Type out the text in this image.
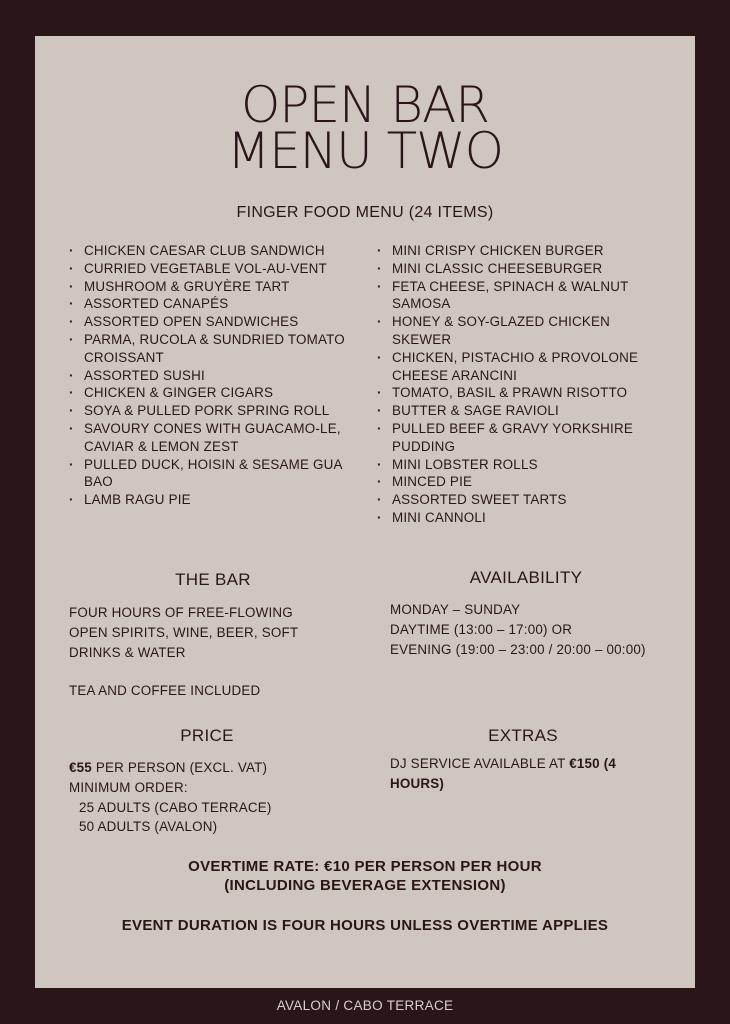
OPEN BAR
MENU TWO
FINGER FOOD MENU (24 ITEMS)
· CHICKEN CAESAR CLUB SANDWICH
· CURRIED VEGETABLE VOL-AU-VENT
· MUSHROOM & GRUYÈRE TART
· ASSORTED CANAPÉS
· ASSORTED OPEN SANDWICHES
· PARMA, RUCOLA & SUNDRIED TOMATO CROISSANT
· ASSORTED SUSHI
· CHICKEN & GINGER CIGARS
· SOYA & PULLED PORK SPRING ROLL
· SAVOURY CONES WITH GUACAMO-LE, CAVIAR & LEMON ZEST
· PULLED DUCK, HOISIN & SESAME GUA BAO
· LAMB RAGU PIE
· MINI CRISPY CHICKEN BURGER
· MINI CLASSIC CHEESEBURGER
· FETA CHEESE, SPINACH & WALNUT SAMOSA
· HONEY & SOY-GLAZED CHICKEN SKEWER
· CHICKEN, PISTACHIO & PROVOLONE CHEESE ARANCINI
· TOMATO, BASIL & PRAWN RISOTTO
· BUTTER & SAGE RAVIOLI
· PULLED BEEF & GRAVY YORKSHIRE PUDDING
· MINI LOBSTER ROLLS
· MINCED PIE
· ASSORTED SWEET TARTS
· MINI CANNOLI
THE BAR
FOUR HOURS OF FREE-FLOWING
OPEN SPIRITS, WINE, BEER, SOFT
DRINKS & WATER
TEA AND COFFEE INCLUDED
AVAILABILITY
MONDAY – SUNDAY
DAYTIME (13:00 – 17:00) OR
EVENING (19:00 – 23:00 / 20:00 – 00:00)
PRICE
€55 PER PERSON (EXCL. VAT)
MINIMUM ORDER:
25 ADULTS (CABO TERRACE)
50 ADULTS (AVALON)
EXTRAS
DJ SERVICE AVAILABLE AT €150 (4 HOURS)
OVERTIME RATE: €10 PER PERSON PER HOUR
(INCLUDING BEVERAGE EXTENSION)
EVENT DURATION IS FOUR HOURS UNLESS OVERTIME APPLIES
AVALON / CABO TERRACE
